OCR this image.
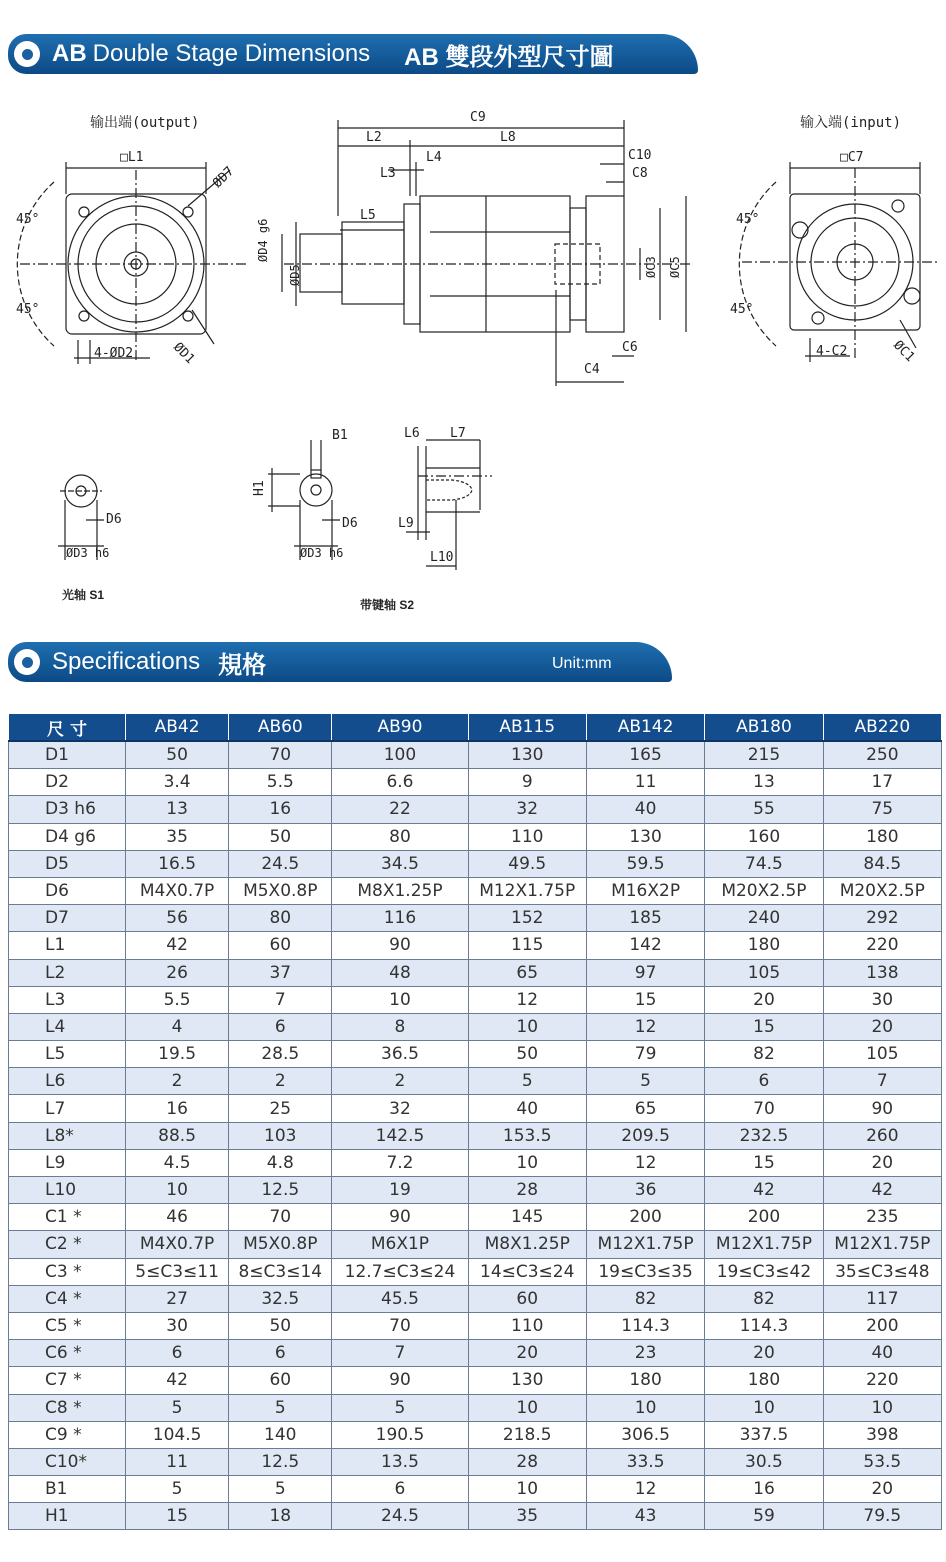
AB Double Stage Dimensions AB 雙段外型尺寸圖
输出端(output)	输入端(input)
□L1
ØD7
45°
45°
4-ØD2	ØD1
C9
L2	L8
L3
L4	C10
C8
L5
ØD4 g6
ØD5	ØC3 ØC5
C6
C4
□C7
45°
45°
4-C2	ØC1
B1	L6 L7
H1
D6
ØD3 h6
D6
ØD3 h6
L9
L10
光轴 S1
带键轴 S2
Specifications 規格	Unit:mm
尺 寸	AB42	AB60	AB90	AB115	AB142	AB180	AB220
D1	50	70	100	130	165	215	250
D2	3.4	5.5	6.6	9	11	13	17
D3 h6	13	16	22	32	40	55	75
D4 g6	35	50	80	110	130	160	180
D5	16.5	24.5	34.5	49.5	59.5	74.5	84.5
D6	M4X0.7P	M5X0.8P	M8X1.25P	M12X1.75P	M16X2P	M20X2.5P	M20X2.5P
D7	56	80	116	152	185	240	292
L1	42	60	90	115	142	180	220
L2	26	37	48	65	97	105	138
L3	5.5	7	10	12	15	20	30
L4	4	6	8	10	12	15	20
L5	19.5	28.5	36.5	50	79	82	105
L6	2	2	2	5	5	6	7
L7	16	25	32	40	65	70	90
L8*	88.5	103	142.5	153.5	209.5	232.5	260
L9	4.5	4.8	7.2	10	12	15	20
L10	10	12.5	19	28	36	42	42
C1 *	46	70	90	145	200	200	235
C2 *	M4X0.7P	M5X0.8P	M6X1P	M8X1.25P	M12X1.75P	M12X1.75P	M12X1.75P
C3 *	5≤C3≤11	8≤C3≤14	12.7≤C3≤24	14≤C3≤24	19≤C3≤35	19≤C3≤42	35≤C3≤48
C4 *	27	32.5	45.5	60	82	82	117
C5 *	30	50	70	110	114.3	114.3	200
C6 *	6	6	7	20	23	20	40
C7 *	42	60	90	130	180	180	220
C8 *	5	5	5	10	10	10	10
C9 *	104.5	140	190.5	218.5	306.5	337.5	398
C10*	11	12.5	13.5	28	33.5	30.5	53.5
B1	5	5	6	10	12	16	20
H1	15	18	24.5	35	43	59	79.5
